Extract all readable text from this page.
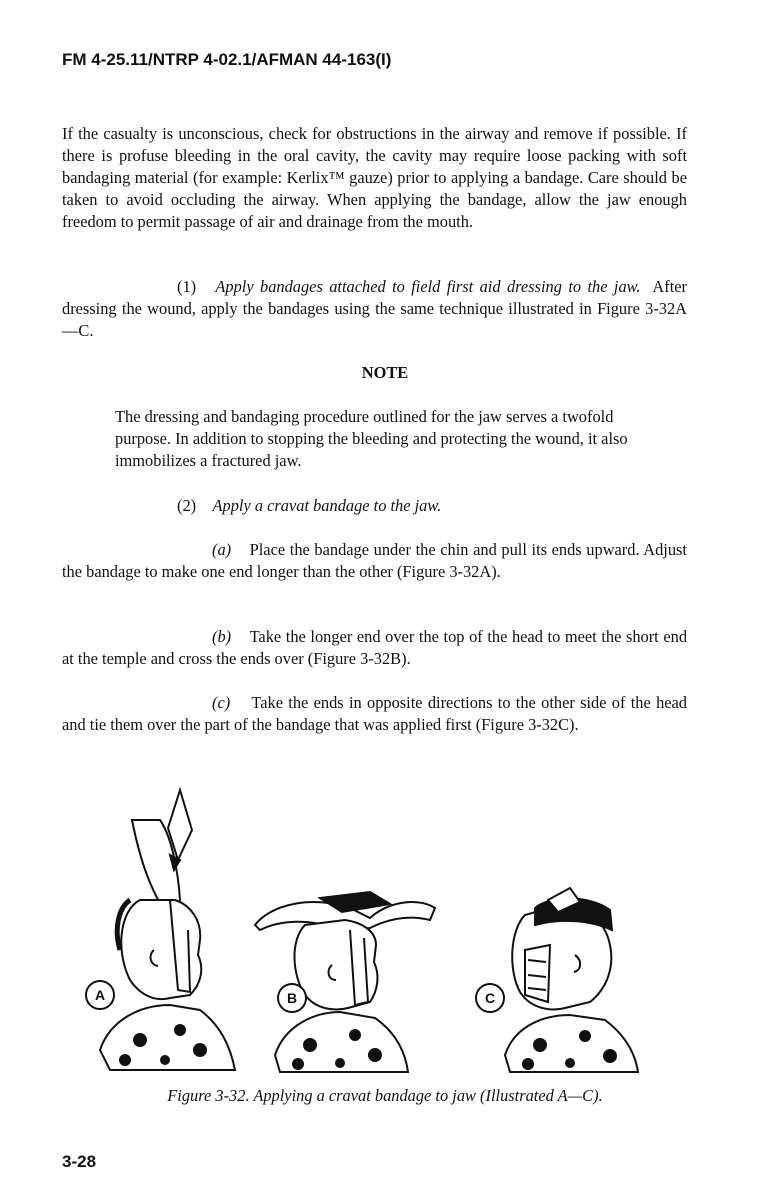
FM 4-25.11/NTRP 4-02.1/AFMAN 44-163(I)
If the casualty is unconscious, check for obstructions in the airway and remove if possible. If there is profuse bleeding in the oral cavity, the cavity may require loose packing with soft bandaging material (for example: Kerlix™ gauze) prior to applying a bandage. Care should be taken to avoid occluding the airway. When applying the bandage, allow the jaw enough freedom to permit passage of air and drainage from the mouth.
(1) Apply bandages attached to field first aid dressing to the jaw. After dressing the wound, apply the bandages using the same technique illustrated in Figure 3-32A—C.
NOTE
The dressing and bandaging procedure outlined for the jaw serves a twofold purpose. In addition to stopping the bleeding and protecting the wound, it also immobilizes a fractured jaw.
(2) Apply a cravat bandage to the jaw.
(a) Place the bandage under the chin and pull its ends upward. Adjust the bandage to make one end longer than the other (Figure 3-32A).
(b) Take the longer end over the top of the head to meet the short end at the temple and cross the ends over (Figure 3-32B).
(c) Take the ends in opposite directions to the other side of the head and tie them over the part of the bandage that was applied first (Figure 3-32C).
A	B	C
Figure 3-32. Applying a cravat bandage to jaw (Illustrated A—C).
3-28
